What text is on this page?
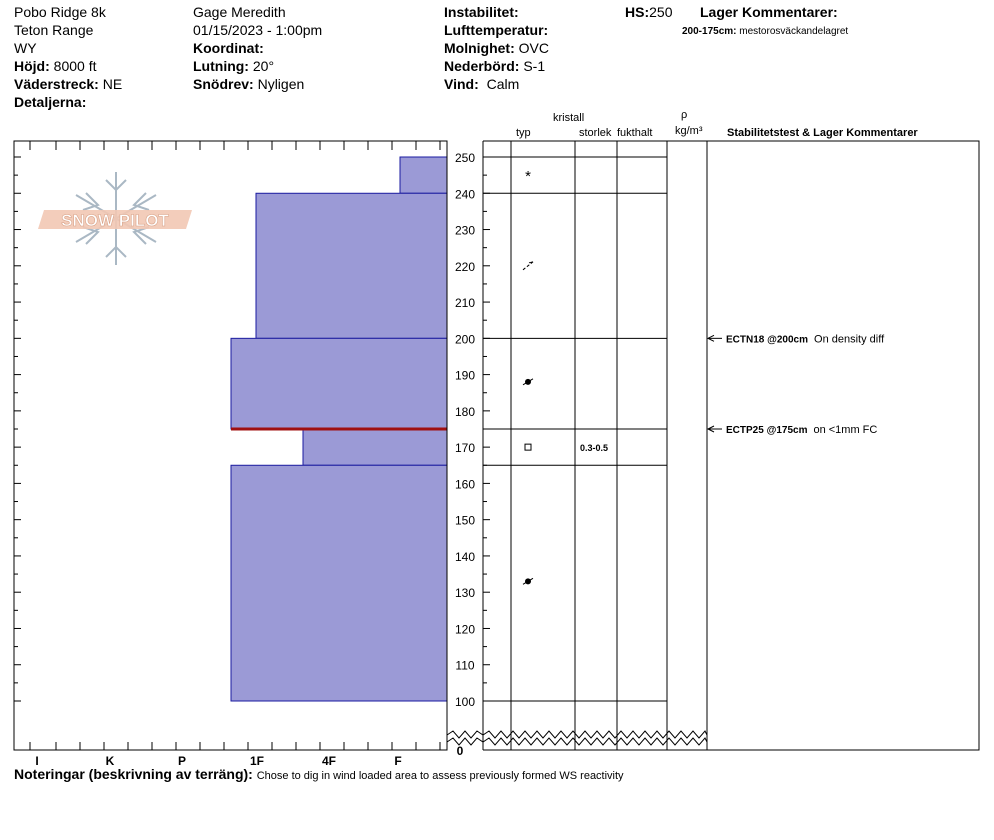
Pobo Ridge 8k
Teton Range
WY
Höjd: 8000 ft
Väderstreck: NE
Detaljerna:
Gage Meredith
01/15/2023 - 1:00pm
Koordinat:
Lutning: 20°
Snödrev: Nyligen
Instabilitet:
Lufttemperatur:
Molnighet: OVC
Nederbörd: S-1
Vind: Calm
HS:250 Lager Kommentarer:
200-175cm: mestorosväckandelagret
kristall
typ	storlek fukthalt
ρ
kg/m³ Stabilitetstest & Lager Kommentarer
SNOW PILOT
250
240
230
220
210
200
190
180
170
160
150
140
130
120
110
100
0
*
0.3-0.5
ECTN18 @200cm On density diff
ECTP25 @175cm on <1mm FC
I	K	P	1F	4F	F
Noteringar (beskrivning av terräng): Chose to dig in wind loaded area to assess previously formed WS reactivity
